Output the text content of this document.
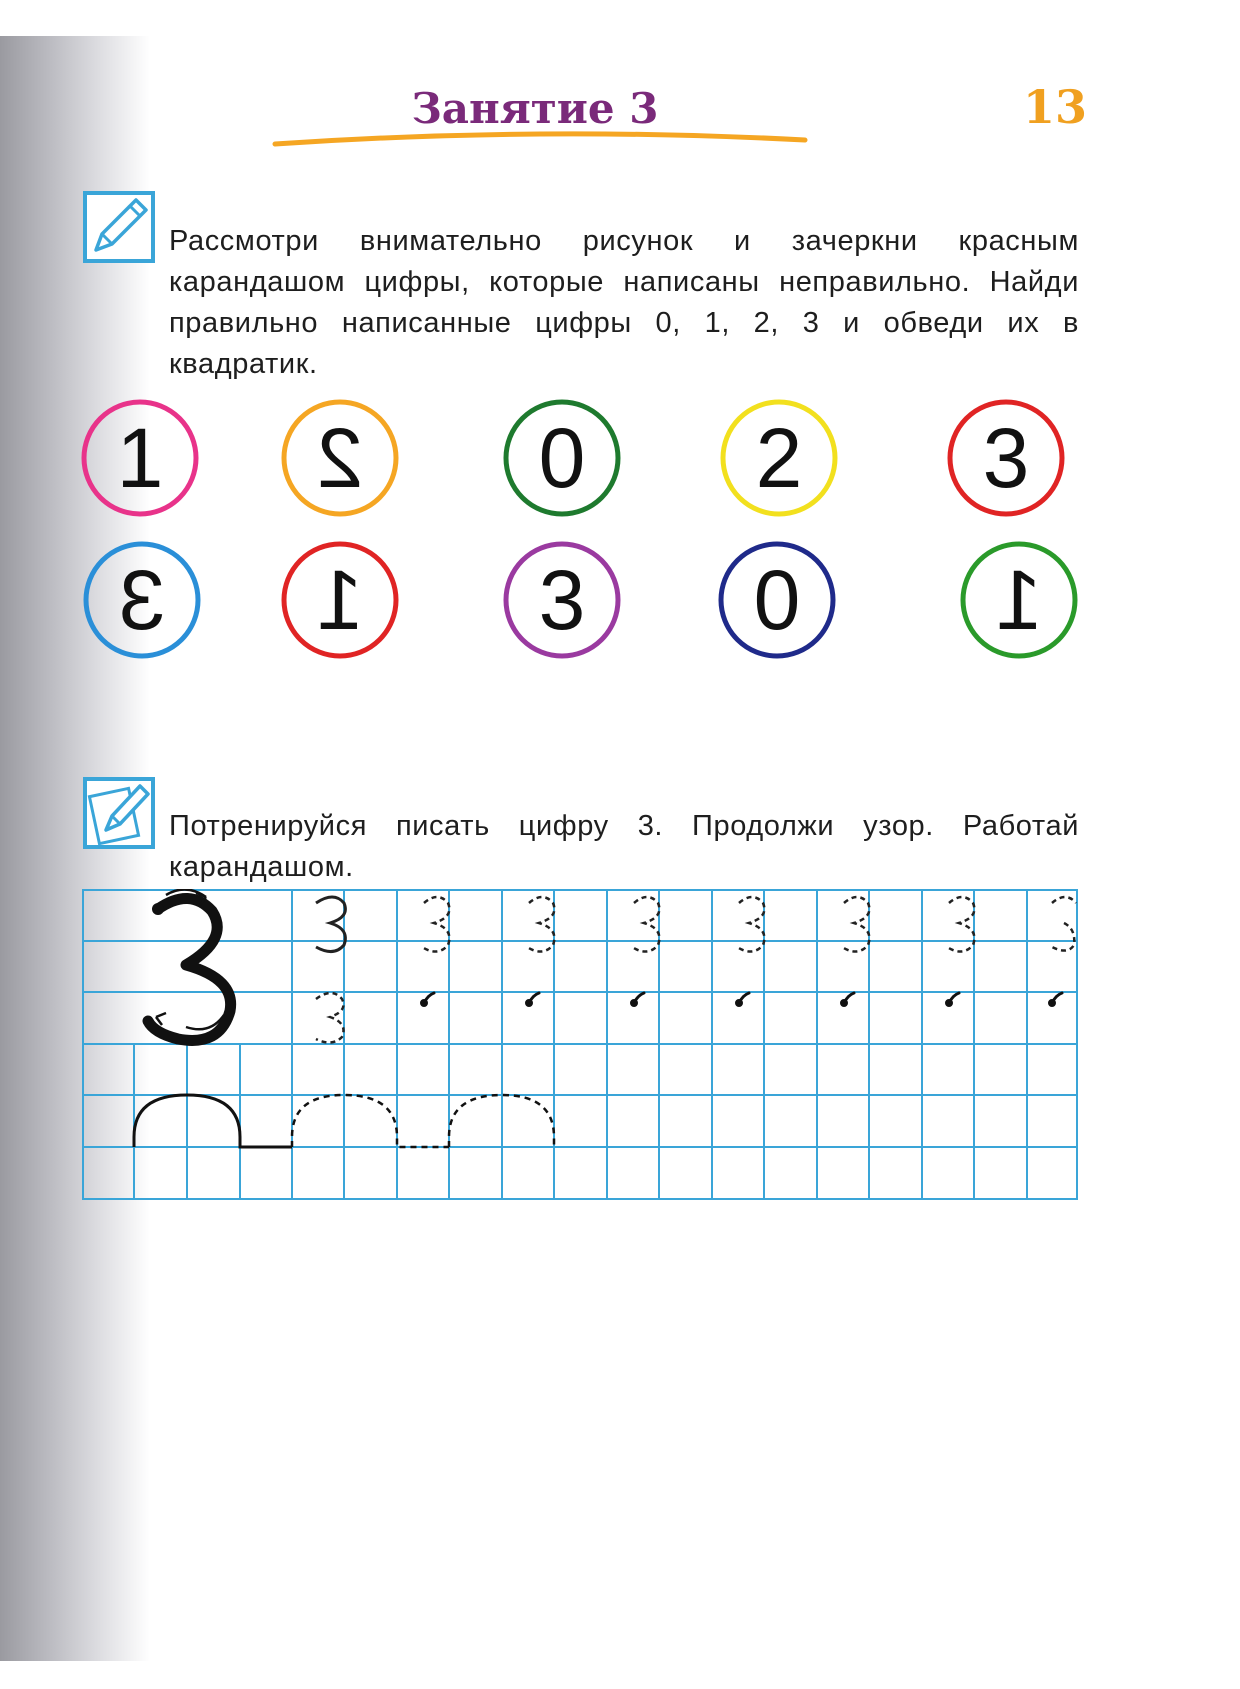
Занятие 3	13

Рассмотри внимательно рисунок и зачеркни красным карандашом цифры, которые написаны неправильно. Найди правильно написанные цифры 0, 1, 2, 3 и обведи их в квадратик.

1	2	0	2	3
3	1	3	0	1

Потренируйся писать цифру 3. Продолжи узор. Работай карандашом.
